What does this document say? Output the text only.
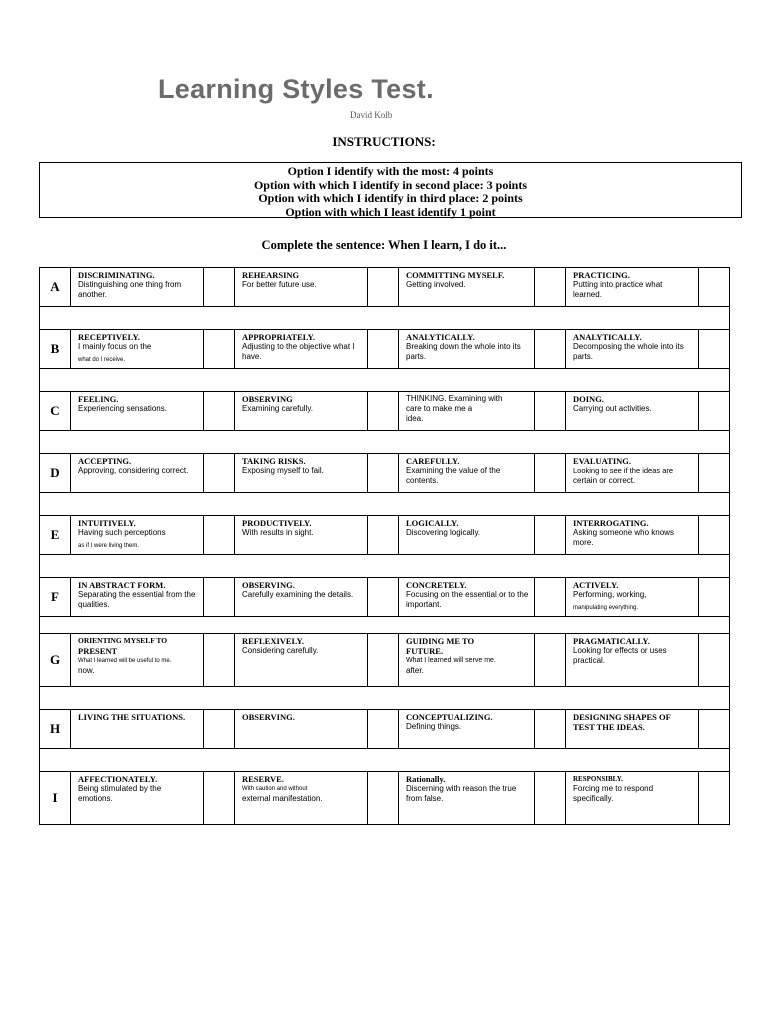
Learning Styles Test.
David Kolb
INSTRUCTIONS:
Option I identify with the most: 4 points
Option with which I identify in second place: 3 points
Option with which I identify in third place: 2 points
Option with which I least identify 1 point
Complete the sentence: When I learn, I do it...
A	DISCRIMINATING.
Distinguishing one thing from another.		REHEARSING
For better future use.		COMMITTING MYSELF.
Getting involved.		PRACTICING.
Putting into practice what learned.	

B	RECEPTIVELY.
I mainly focus on the
what do I receive.		APPROPRIATELY.
Adjusting to the objective what I have.		ANALYTICALLY.
Breaking down the whole into its parts.		ANALYTICALLY.
Decomposing the whole into its parts.	

C	FEELING.
Experiencing sensations.		OBSERVING
Examining carefully.		THINKING. Examining with
care to make me a
idea.		DOING.
Carrying out activities.	

D	ACCEPTING.
Approving, considering correct.		TAKING RISKS.
Exposing myself to fail.		CAREFULLY.
Examining the value of the contents.		EVALUATING.
Looking to see if the ideas are
certain or correct.	

E	INTUITIVELY.
Having such perceptions
as if I were living them.		PRODUCTIVELY.
With results in sight.		LOGICALLY.
Discovering logically.		INTERROGATING.
Asking someone who knows more.	

F	IN ABSTRACT FORM.
Separating the essential from the qualities.		OBSERVING.
Carefully examining the details.		CONCRETELY.
Focusing on the essential or to the important.		ACTIVELY.
Performing, working,
manipulating everything.	

G	ORIENTING MYSELF TO
PRESENT
What I learned will be useful to me.
now.		REFLEXIVELY.
Considering carefully.		GUIDING ME TO
FUTURE.
What I learned will serve me.
after.		PRAGMATICALLY.
Looking for effects or uses practical.	

H	LIVING THE SITUATIONS.		OBSERVING.		CONCEPTUALIZING.
Defining things.		DESIGNING SHAPES OF TEST THE IDEAS.	

I	AFFECTIONATELY.
Being stimulated by the emotions.		RESERVE.
With caution and without
external manifestation.		Rationally.
Discerning with reason the true from false.		RESPONSIBLY.
Forcing me to respond specifically.	
